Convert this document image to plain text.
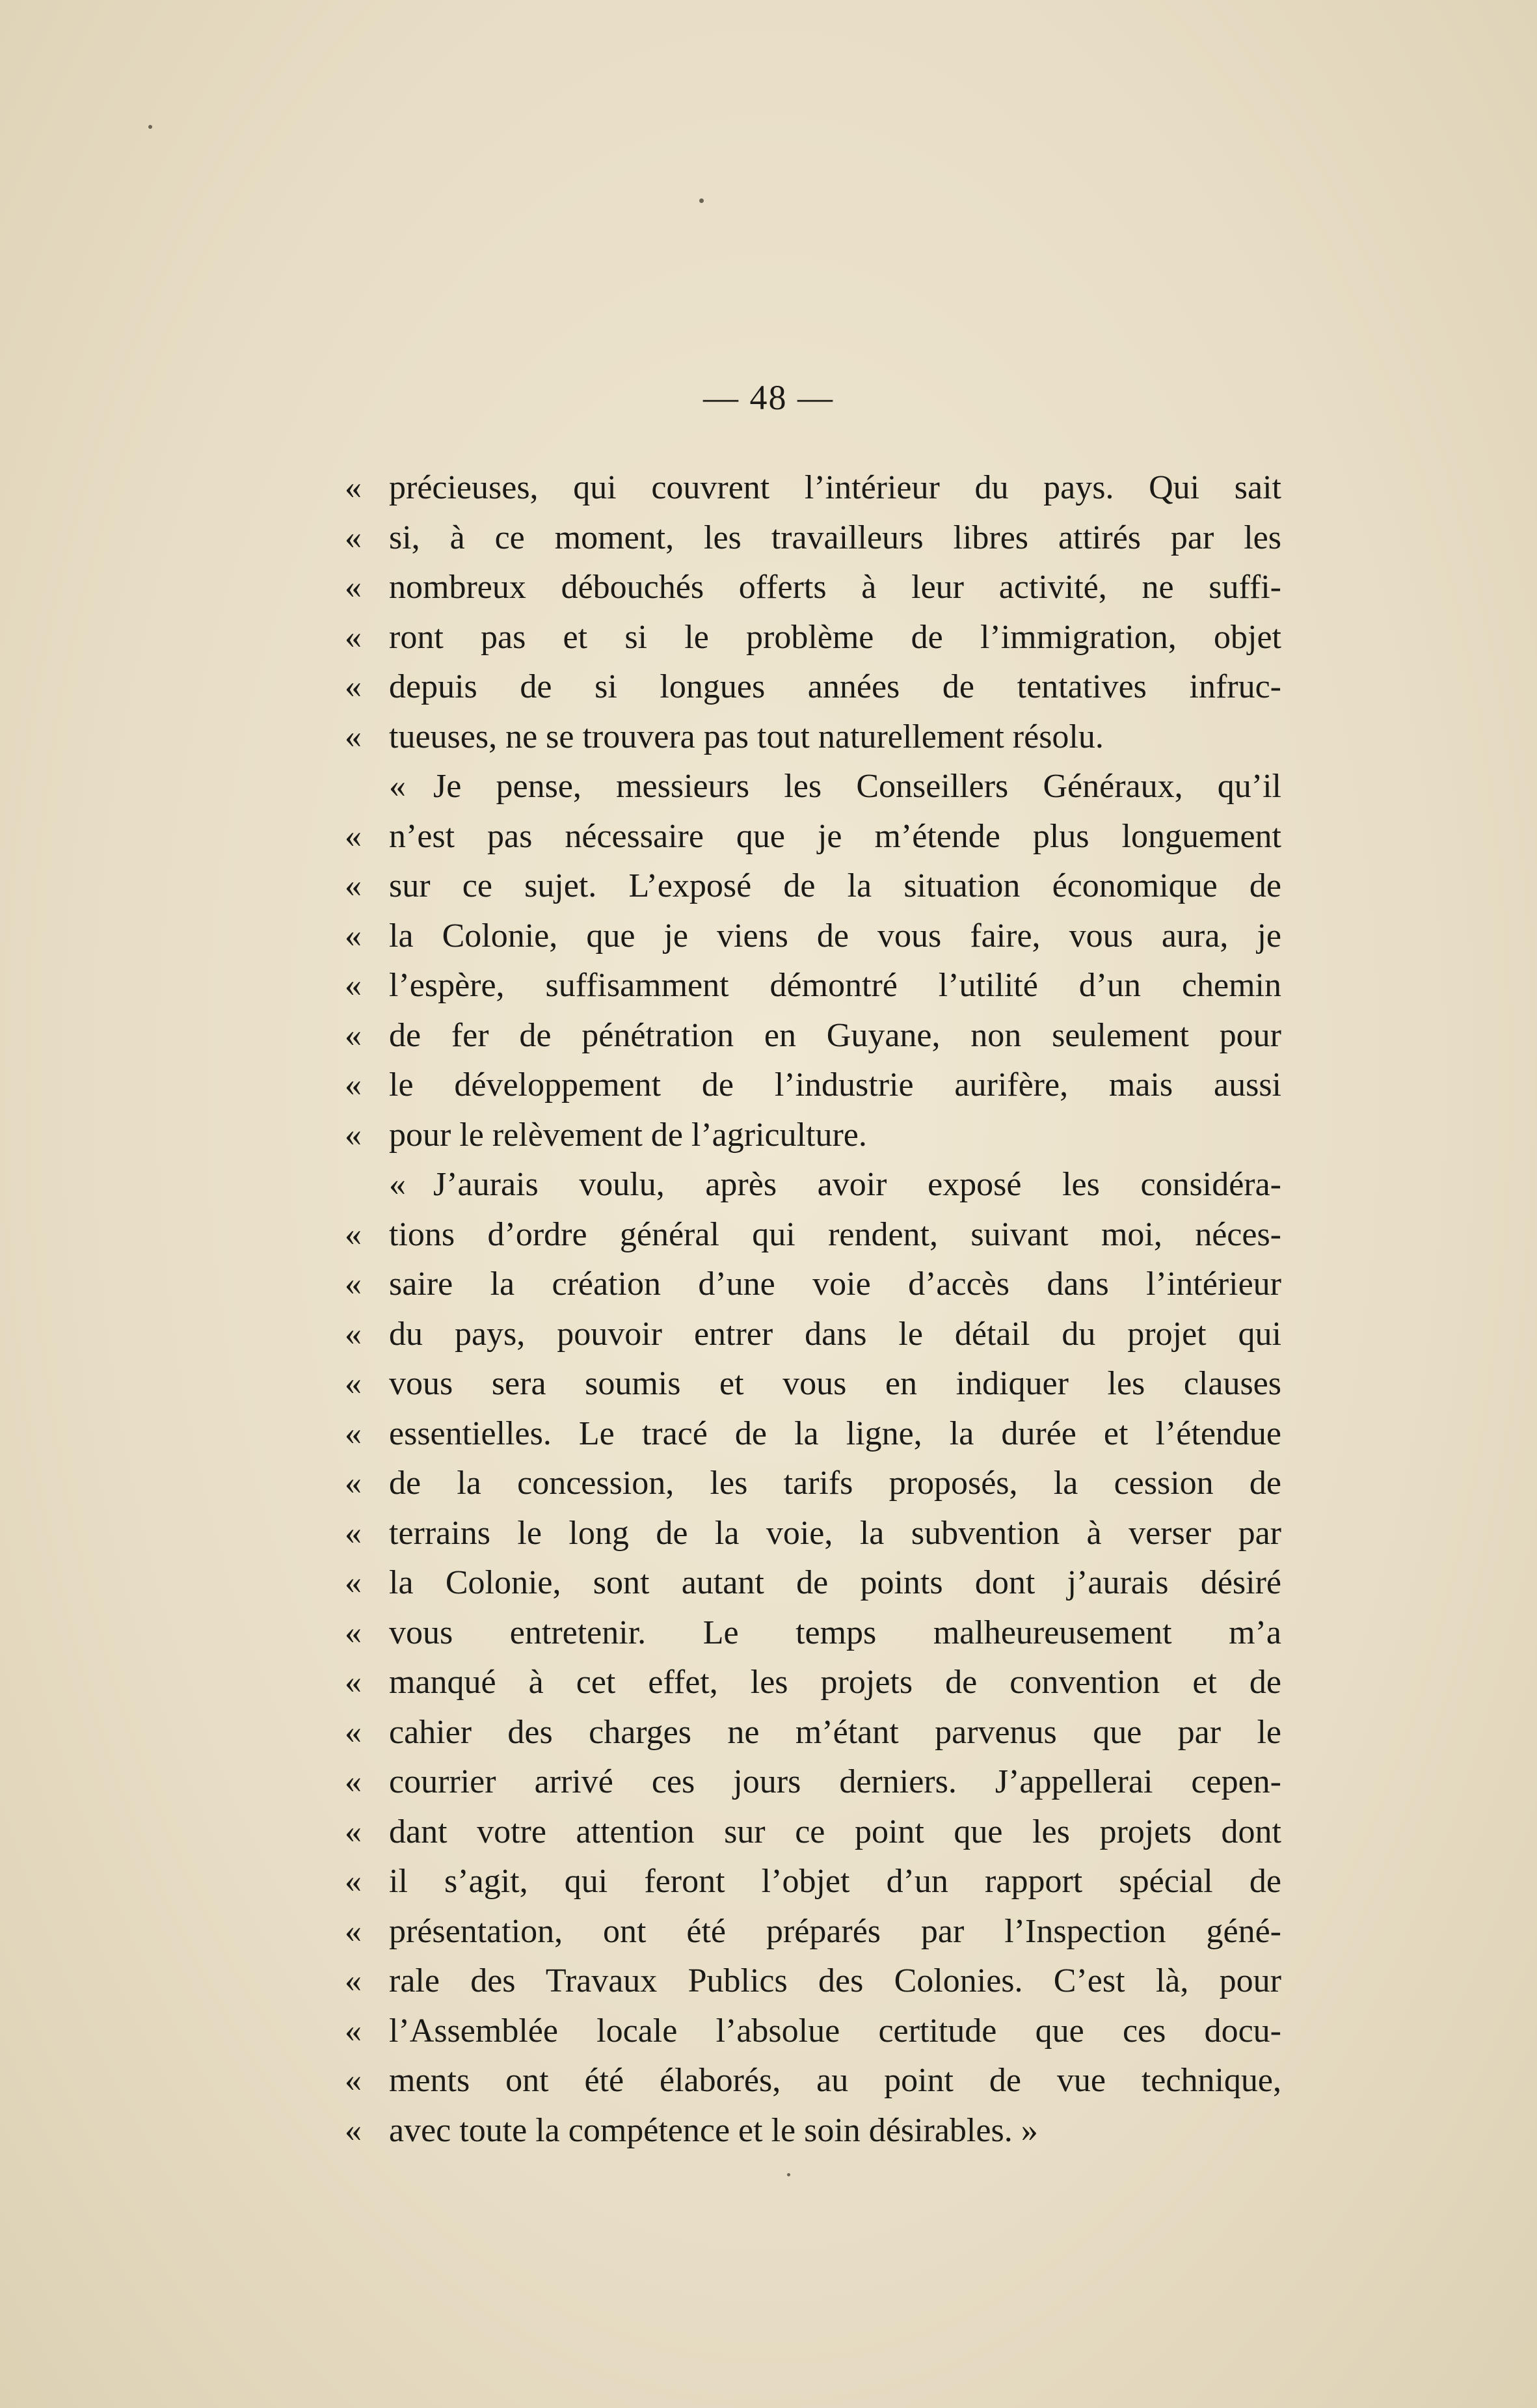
— 48 —
« précieuses, qui couvrent l’intérieur du pays. Qui sait
« si, à ce moment, les travailleurs libres attirés par les
« nombreux débouchés offerts à leur activité, ne suffi-
« ront pas et si le problème de l’immigration, objet
« depuis de si longues années de tentatives infruc-
« tueuses, ne se trouvera pas tout naturellement résolu.
« Je pense, messieurs les Conseillers Généraux, qu’il
« n’est pas nécessaire que je m’étende plus longuement
« sur ce sujet. L’exposé de la situation économique de
« la Colonie, que je viens de vous faire, vous aura, je
« l’espère, suffisamment démontré l’utilité d’un chemin
« de fer de pénétration en Guyane, non seulement pour
« le développement de l’industrie aurifère, mais aussi
« pour le relèvement de l’agriculture.
« J’aurais voulu, après avoir exposé les considéra-
« tions d’ordre général qui rendent, suivant moi, néces-
« saire la création d’une voie d’accès dans l’intérieur
« du pays, pouvoir entrer dans le détail du projet qui
« vous sera soumis et vous en indiquer les clauses
« essentielles. Le tracé de la ligne, la durée et l’étendue
« de la concession, les tarifs proposés, la cession de
« terrains le long de la voie, la subvention à verser par
« la Colonie, sont autant de points dont j’aurais désiré
« vous entretenir. Le temps malheureusement m’a
« manqué à cet effet, les projets de convention et de
« cahier des charges ne m’étant parvenus que par le
« courrier arrivé ces jours derniers. J’appellerai cepen-
« dant votre attention sur ce point que les projets dont
« il s’agit, qui feront l’objet d’un rapport spécial de
« présentation, ont été préparés par l’Inspection géné-
« rale des Travaux Publics des Colonies. C’est là, pour
« l’Assemblée locale l’absolue certitude que ces docu-
« ments ont été élaborés, au point de vue technique,
« avec toute la compétence et le soin désirables. »
